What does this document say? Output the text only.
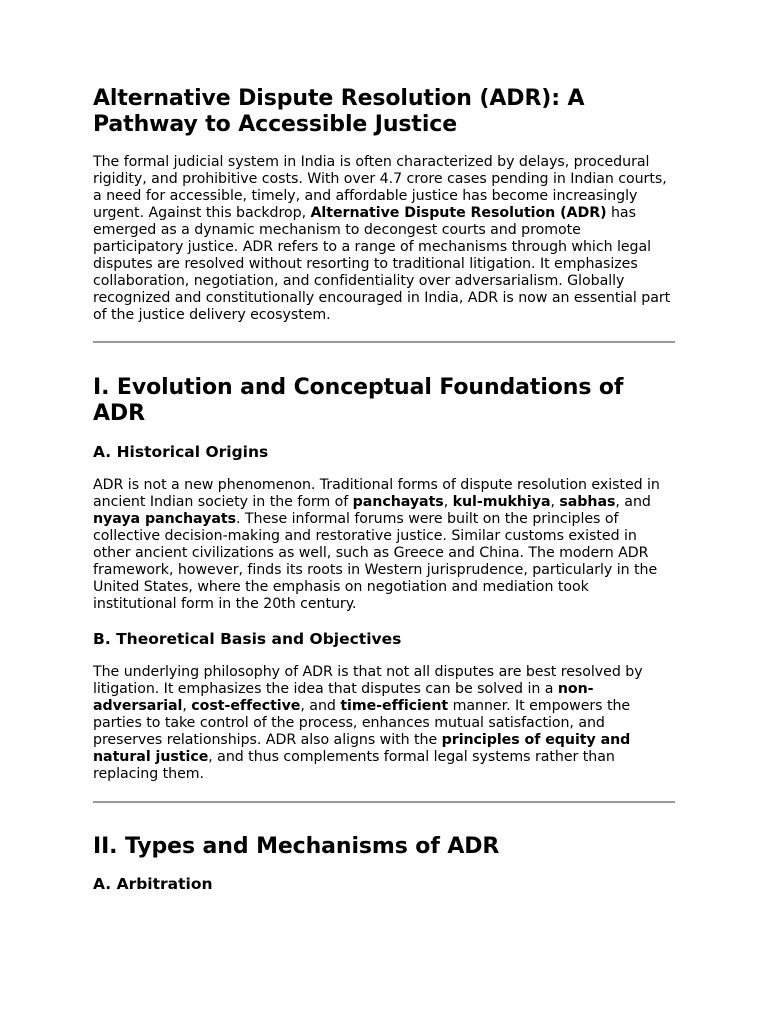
Alternative Dispute Resolution (ADR): A Pathway to Accessible Justice

The formal judicial system in India is often characterized by delays, procedural rigidity, and prohibitive costs. With over 4.7 crore cases pending in Indian courts, a need for accessible, timely, and affordable justice has become increasingly urgent. Against this backdrop, Alternative Dispute Resolution (ADR) has emerged as a dynamic mechanism to decongest courts and promote participatory justice. ADR refers to a range of mechanisms through which legal disputes are resolved without resorting to traditional litigation. It emphasizes collaboration, negotiation, and confidentiality over adversarialism. Globally recognized and constitutionally encouraged in India, ADR is now an essential part of the justice delivery ecosystem.

I. Evolution and Conceptual Foundations of ADR
A. Historical Origins

ADR is not a new phenomenon. Traditional forms of dispute resolution existed in ancient Indian society in the form of panchayats, kul-mukhiya, sabhas, and nyaya panchayats. These informal forums were built on the principles of collective decision-making and restorative justice. Similar customs existed in other ancient civilizations as well, such as Greece and China. The modern ADR framework, however, finds its roots in Western jurisprudence, particularly in the United States, where the emphasis on negotiation and mediation took institutional form in the 20th century.

B. Theoretical Basis and Objectives

The underlying philosophy of ADR is that not all disputes are best resolved by litigation. It emphasizes the idea that disputes can be solved in a non-adversarial, cost-effective, and time-efficient manner. It empowers the parties to take control of the process, enhances mutual satisfaction, and preserves relationships. ADR also aligns with the principles of equity and natural justice, and thus complements formal legal systems rather than replacing them.

II. Types and Mechanisms of ADR
A. Arbitration
